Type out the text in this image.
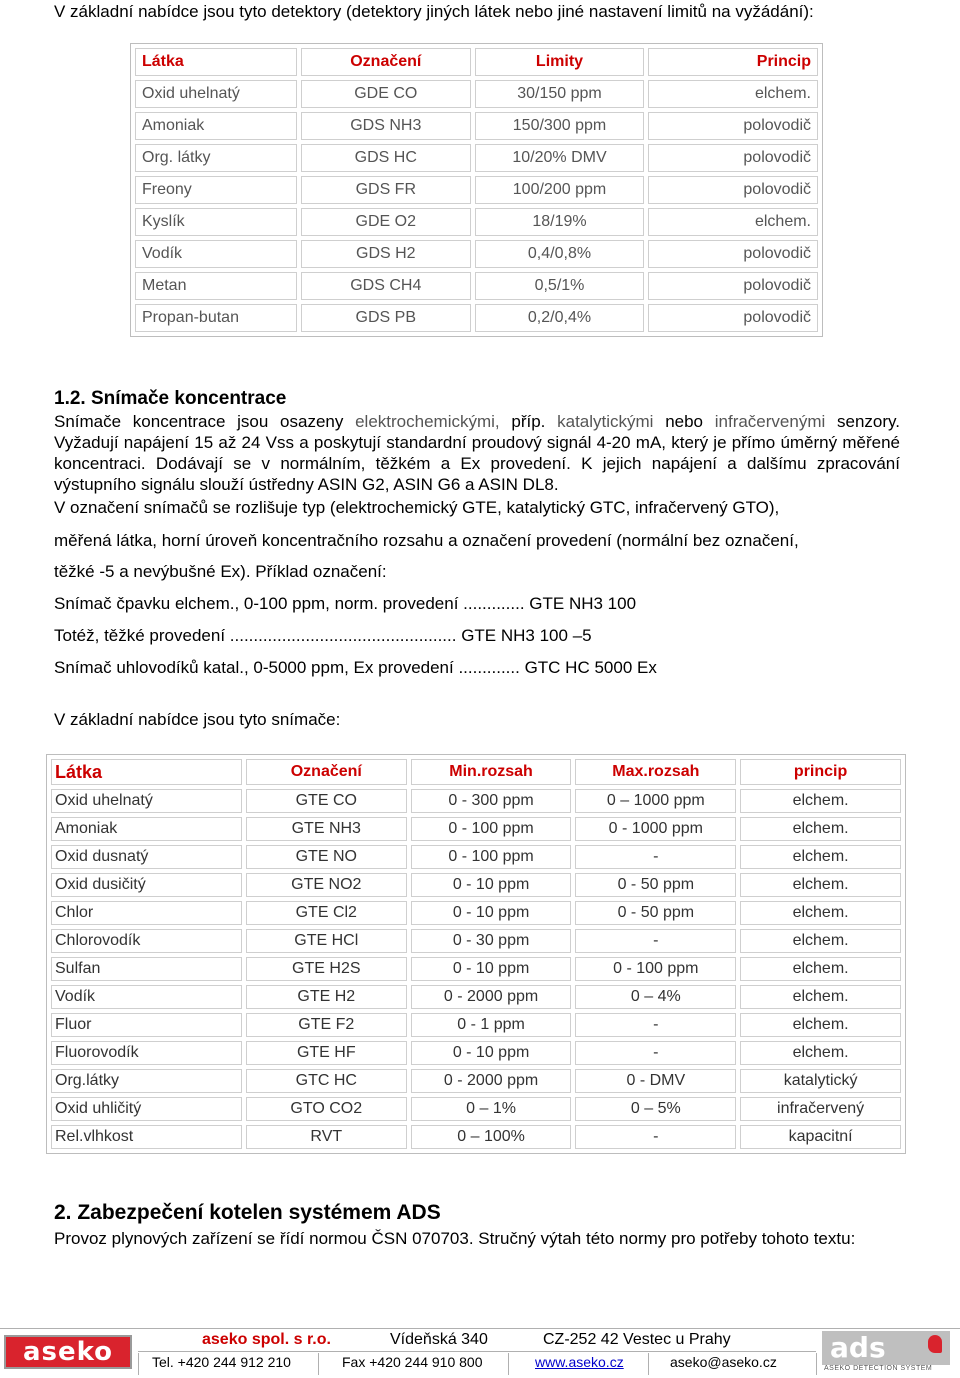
V základní nabídce jsou tyto detektory (detektory jiných látek nebo jiné nastavení limitů na vyžádání):
Látka	Označení	Limity	Princip
Oxid uhelnatý	GDE CO	30/150 ppm	elchem.
Amoniak	GDS NH3	150/300 ppm	polovodič
Org. látky	GDS HC	10/20% DMV	polovodič
Freony	GDS FR	100/200 ppm	polovodič
Kyslík	GDE O2	18/19%	elchem.
Vodík	GDS H2	0,4/0,8%	polovodič
Metan	GDS CH4	0,5/1%	polovodič
Propan-butan	GDS PB	0,2/0,4%	polovodič
1.2. Snímače koncentrace
Snímače koncentrace jsou osazeny elektrochemickými, příp. katalytickými nebo infračervenými senzory. Vyžadují napájení 15 až 24 Vss a poskytují standardní proudový signál 4-20 mA, který je přímo úměrný měřené koncentraci. Dodávají se v normálním, těžkém a Ex provedení. K jejich napájení a dalšímu zpracování výstupního signálu slouží ústředny ASIN G2, ASIN G6 a ASIN DL8.
V označení snímačů se rozlišuje typ (elektrochemický GTE, katalytický GTC, infračervený GTO),
měřená látka, horní úroveň koncentračního rozsahu a označení provedení (normální bez označení,
těžké -5 a nevýbušné Ex). Příklad označení:
Snímač čpavku elchem., 0-100 ppm, norm. provedení ............. GTE NH3 100
Totéž, těžké provedení ................................................ GTE NH3 100 –5
Snímač uhlovodíků katal., 0-5000 ppm, Ex provedení ............. GTC HC 5000 Ex
V základní nabídce jsou tyto snímače:
Látka	Označení	Min.rozsah	Max.rozsah	princip
Oxid uhelnatý	GTE CO	0 - 300 ppm	0 – 1000 ppm	elchem.
Amoniak	GTE NH3	0 - 100 ppm	0 - 1000 ppm	elchem.
Oxid dusnatý	GTE NO	0 - 100 ppm	-	elchem.
Oxid dusičitý	GTE NO2	0 - 10 ppm	0 - 50 ppm	elchem.
Chlor	GTE Cl2	0 - 10 ppm	0 - 50 ppm	elchem.
Chlorovodík	GTE HCl	0 - 30 ppm	-	elchem.
Sulfan	GTE H2S	0 - 10 ppm	0 - 100 ppm	elchem.
Vodík	GTE H2	0 - 2000 ppm	0 – 4%	elchem.
Fluor	GTE F2	0 - 1 ppm	-	elchem.
Fluorovodík	GTE HF	0 - 10 ppm	-	elchem.
Org.látky	GTC HC	0 - 2000 ppm	0 - DMV	katalytický
Oxid uhličitý	GTO CO2	0 – 1%	0 – 5%	infračervený
Rel.vlhkost	RVT	0 – 100%	-	kapacitní
2. Zabezpečení kotelen systémem ADS
Provoz plynových zařízení se řídí normou ČSN 070703. Stručný výtah této normy pro potřeby tohoto textu:
aseko	aseko spol. s r.o.	Vídeňská 340	CZ-252 42 Vestec u Prahy
Tel. +420 244 912 210	Fax +420 244 910 800	www.aseko.cz	aseko@aseko.cz ads
ASEKO DETECTION SYSTEM
